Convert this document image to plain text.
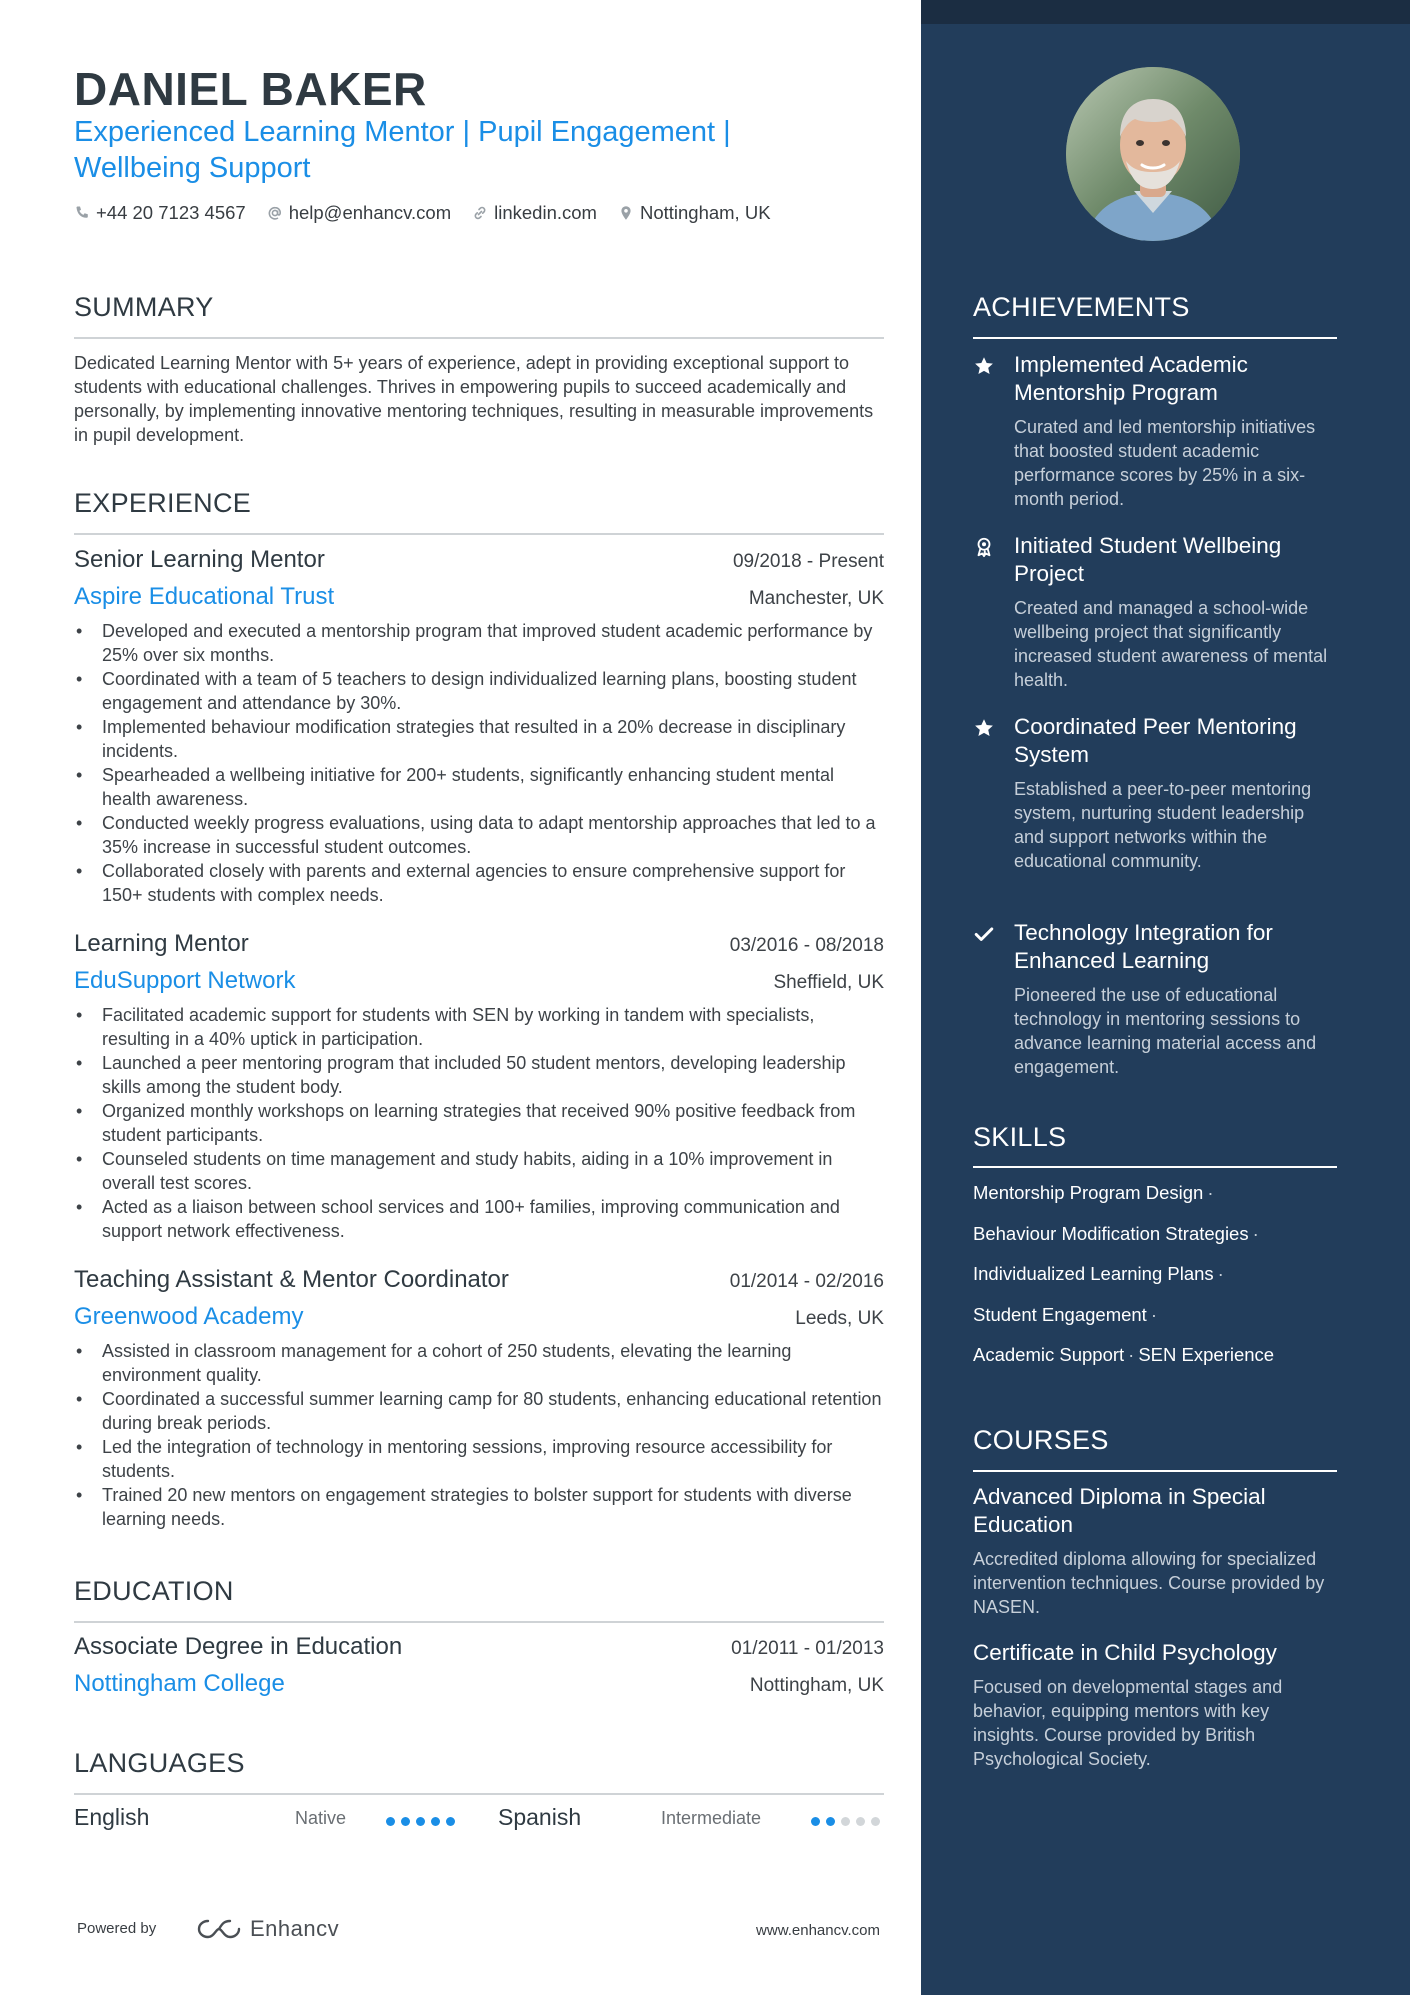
DANIEL BAKER
Experienced Learning Mentor | Pupil Engagement | Wellbeing Support
+44 20 7123 4567 help@enhancv.com linkedin.com Nottingham, UK
SUMMARY
Dedicated Learning Mentor with 5+ years of experience, adept in providing exceptional support to students with educational challenges. Thrives in empowering pupils to succeed academically and personally, by implementing innovative mentoring techniques, resulting in measurable improvements in pupil development.
EXPERIENCE
Senior Learning Mentor	09/2018 - Present
Aspire Educational Trust	Manchester, UK
• Developed and executed a mentorship program that improved student academic performance by 25% over six months.
• Coordinated with a team of 5 teachers to design individualized learning plans, boosting student engagement and attendance by 30%.
• Implemented behaviour modification strategies that resulted in a 20% decrease in disciplinary incidents.
• Spearheaded a wellbeing initiative for 200+ students, significantly enhancing student mental health awareness.
• Conducted weekly progress evaluations, using data to adapt mentorship approaches that led to a 35% increase in successful student outcomes.
• Collaborated closely with parents and external agencies to ensure comprehensive support for 150+ students with complex needs.
Learning Mentor	03/2016 - 08/2018
EduSupport Network	Sheffield, UK
• Facilitated academic support for students with SEN by working in tandem with specialists, resulting in a 40% uptick in participation.
• Launched a peer mentoring program that included 50 student mentors, developing leadership skills among the student body.
• Organized monthly workshops on learning strategies that received 90% positive feedback from student participants.
• Counseled students on time management and study habits, aiding in a 10% improvement in overall test scores.
• Acted as a liaison between school services and 100+ families, improving communication and support network effectiveness.
Teaching Assistant & Mentor Coordinator	01/2014 - 02/2016
Greenwood Academy	Leeds, UK
• Assisted in classroom management for a cohort of 250 students, elevating the learning environment quality.
• Coordinated a successful summer learning camp for 80 students, enhancing educational retention during break periods.
• Led the integration of technology in mentoring sessions, improving resource accessibility for students.
• Trained 20 new mentors on engagement strategies to bolster support for students with diverse learning needs.
EDUCATION
Associate Degree in Education	01/2011 - 01/2013
Nottingham College	Nottingham, UK
LANGUAGES
English	Native	Spanish	Intermediate
Powered by	Enhancv	www.enhancv.com
ACHIEVEMENTS
Implemented Academic Mentorship Program
Curated and led mentorship initiatives that boosted student academic performance scores by 25% in a six-month period.
Initiated Student Wellbeing Project
Created and managed a school-wide wellbeing project that significantly increased student awareness of mental health.
Coordinated Peer Mentoring System
Established a peer-to-peer mentoring system, nurturing student leadership and support networks within the educational community.
Technology Integration for Enhanced Learning
Pioneered the use of educational technology in mentoring sessions to advance learning material access and engagement.
SKILLS
Mentorship Program Design ·
Behaviour Modification Strategies ·
Individualized Learning Plans ·
Student Engagement ·
Academic Support · SEN Experience
COURSES
Advanced Diploma in Special Education
Accredited diploma allowing for specialized intervention techniques. Course provided by NASEN.
Certificate in Child Psychology
Focused on developmental stages and behavior, equipping mentors with key insights. Course provided by British Psychological Society.
